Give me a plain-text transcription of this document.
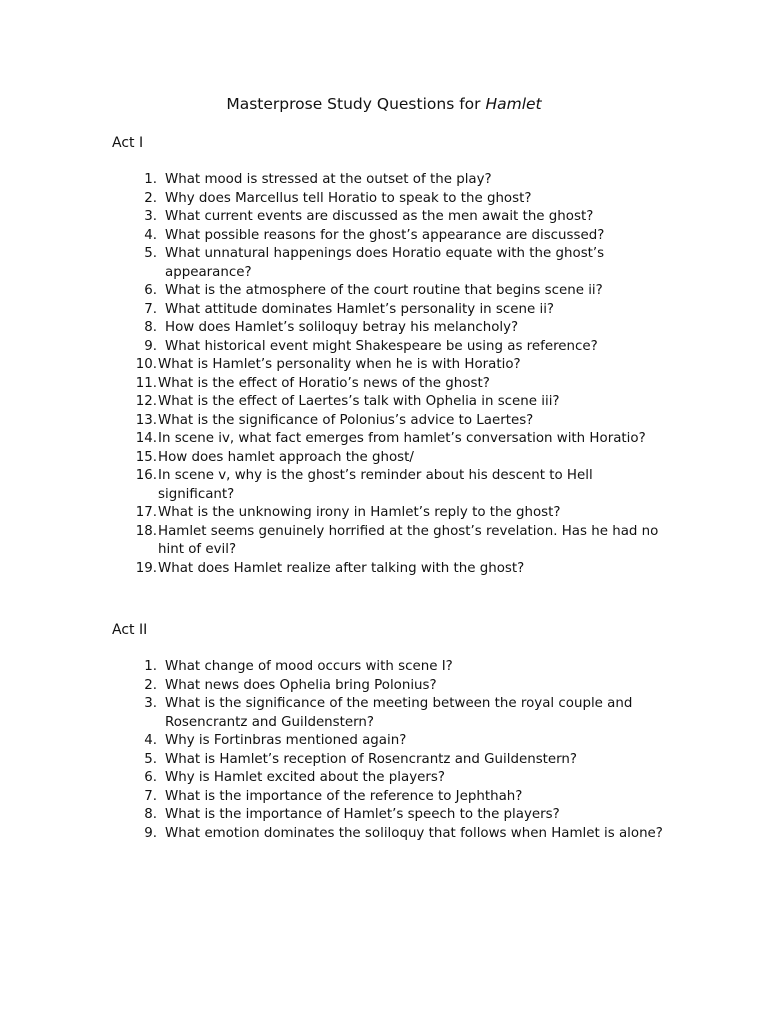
Masterprose Study Questions for Hamlet
Act I
1. What mood is stressed at the outset of the play?
2. Why does Marcellus tell Horatio to speak to the ghost?
3. What current events are discussed as the men await the ghost?
4. What possible reasons for the ghost’s appearance are discussed?
5. What unnatural happenings does Horatio equate with the ghost’s appearance?
6. What is the atmosphere of the court routine that begins scene ii?
7. What attitude dominates Hamlet’s personality in scene ii?
8. How does Hamlet’s soliloquy betray his melancholy?
9. What historical event might Shakespeare be using as reference?
10. What is Hamlet’s personality when he is with Horatio?
11. What is the effect of Horatio’s news of the ghost?
12. What is the effect of Laertes’s talk with Ophelia in scene iii?
13. What is the significance of Polonius’s advice to Laertes?
14. In scene iv, what fact emerges from hamlet’s conversation with Horatio?
15. How does hamlet approach the ghost/
16. In scene v, why is the ghost’s reminder about his descent to Hell significant?
17. What is the unknowing irony in Hamlet’s reply to the ghost?
18. Hamlet seems genuinely horrified at the ghost’s revelation. Has he had no hint of evil?
19. What does Hamlet realize after talking with the ghost?
Act II
1. What change of mood occurs with scene I?
2. What news does Ophelia bring Polonius?
3. What is the significance of the meeting between the royal couple and Rosencrantz and Guildenstern?
4. Why is Fortinbras mentioned again?
5. What is Hamlet’s reception of Rosencrantz and Guildenstern?
6. Why is Hamlet excited about the players?
7. What is the importance of the reference to Jephthah?
8. What is the importance of Hamlet’s speech to the players?
9. What emotion dominates the soliloquy that follows when Hamlet is alone?
